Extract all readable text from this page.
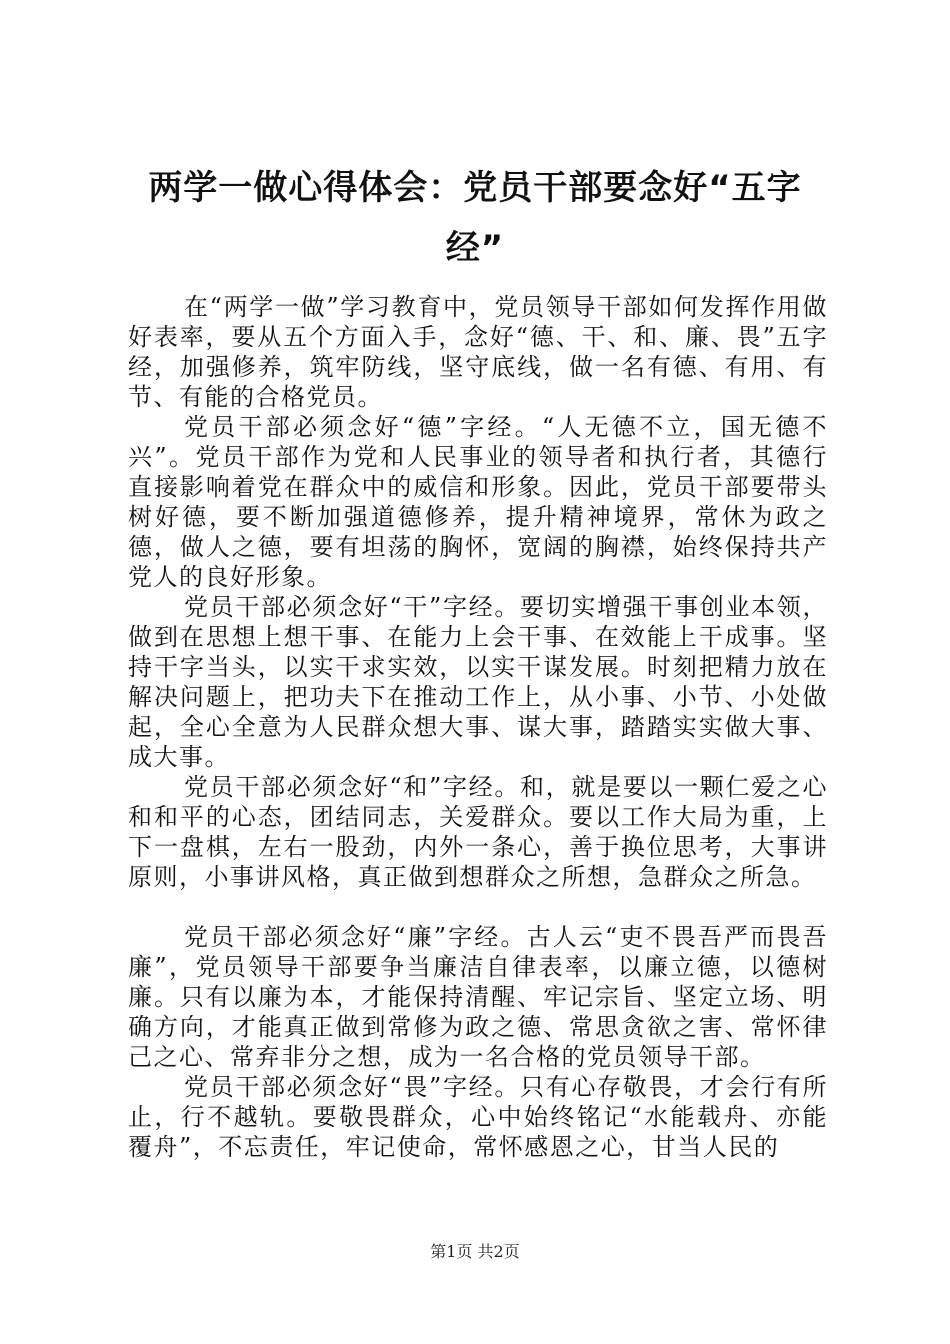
两学一做心得体会：党员干部要念好“五字经”

在“两学一做”学习教育中，党员领导干部如何发挥作用做好表率，要从五个方面入手，念好“德、干、和、廉、畏”五字经，加强修养，筑牢防线，坚守底线，做一名有德、有用、有节、有能的合格党员。

党员干部必须念好“德”字经。“人无德不立，国无德不兴”。党员干部作为党和人民事业的领导者和执行者，其德行直接影响着党在群众中的威信和形象。因此，党员干部要带头树好德，要不断加强道德修养，提升精神境界，常休为政之德，做人之德，要有坦荡的胸怀，宽阔的胸襟，始终保持共产党人的良好形象。

党员干部必须念好“干”字经。要切实增强干事创业本领，做到在思想上想干事、在能力上会干事、在效能上干成事。坚持干字当头，以实干求实效，以实干谋发展。时刻把精力放在解决问题上，把功夫下在推动工作上，从小事、小节、小处做起，全心全意为人民群众想大事、谋大事，踏踏实实做大事、成大事。

党员干部必须念好“和”字经。和，就是要以一颗仁爱之心和和平的心态，团结同志，关爱群众。要以工作大局为重，上下一盘棋，左右一股劲，内外一条心，善于换位思考，大事讲原则，小事讲风格，真正做到想群众之所想，急群众之所急。

党员干部必须念好“廉”字经。古人云“吏不畏吾严而畏吾廉”，党员领导干部要争当廉洁自律表率，以廉立德，以德树廉。只有以廉为本，才能保持清醒、牢记宗旨、坚定立场、明确方向，才能真正做到常修为政之德、常思贪欲之害、常怀律己之心、常弃非分之想，成为一名合格的党员领导干部。

党员干部必须念好“畏”字经。只有心存敬畏，才会行有所止，行不越轨。要敬畏群众，心中始终铭记“水能载舟、亦能覆舟”，不忘责任，牢记使命，常怀感恩之心，甘当人民的

第1页 共2页
